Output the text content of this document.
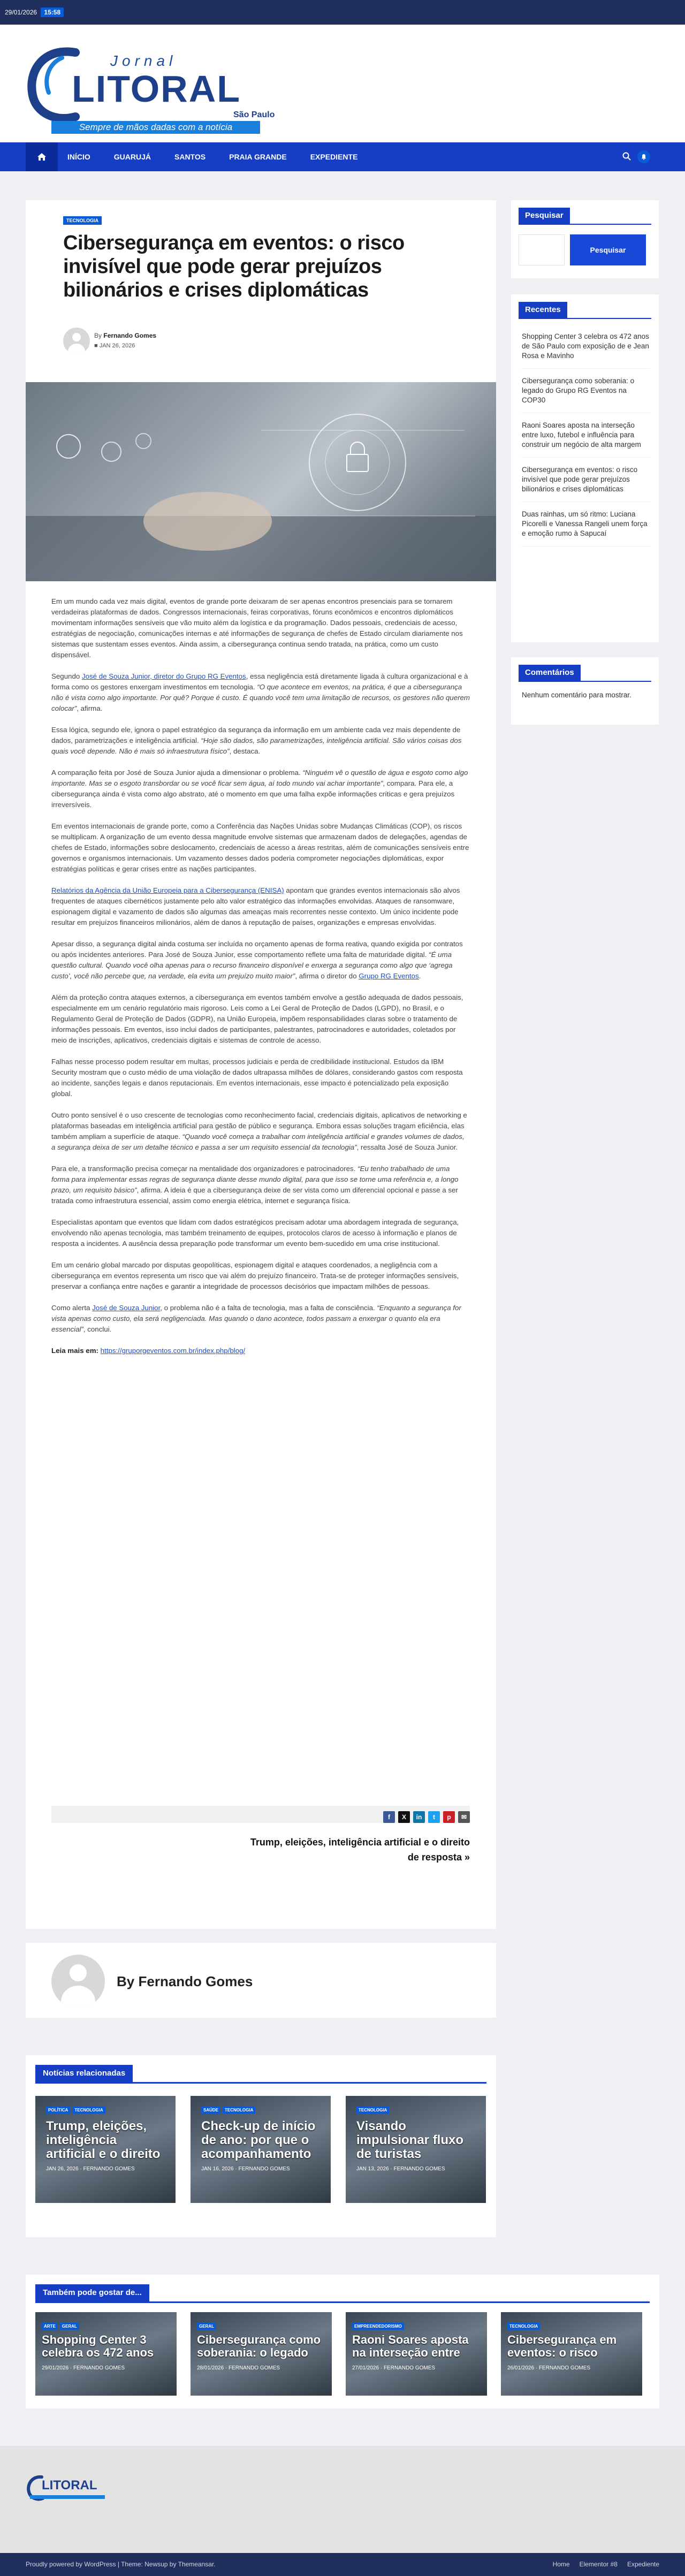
29/01/2026 15:58
Jornal
LITORAL
São Paulo
Sempre de mãos dadas com a notícia
INÍCIO	GUARUJÁ	SANTOS	PRAIA GRANDE	EXPEDIENTE
TECNOLOGIA
Cibersegurança em eventos: o risco invisível que pode gerar prejuízos bilionários e crises diplomáticas
By Fernando Gomes
■ JAN 26, 2026

Em um mundo cada vez mais digital, eventos de grande porte deixaram de ser apenas encontros presenciais para se tornarem verdadeiras plataformas de dados. Congressos internacionais, feiras corporativas, fóruns econômicos e encontros diplomáticos movimentam informações sensíveis que vão muito além da logística e da programação. Dados pessoais, credenciais de acesso, estratégias de negociação, comunicações internas e até informações de segurança de chefes de Estado circulam diariamente nos sistemas que sustentam esses eventos. Ainda assim, a cibersegurança continua sendo tratada, na prática, como um custo dispensável.

Segundo José de Souza Junior, diretor do Grupo RG Eventos, essa negligência está diretamente ligada à cultura organizacional e à forma como os gestores enxergam investimentos em tecnologia. “O que acontece em eventos, na prática, é que a cibersegurança não é vista como algo importante. Por quê? Porque é custo. É quando você tem uma limitação de recursos, os gestores não querem colocar”, afirma.

Essa lógica, segundo ele, ignora o papel estratégico da segurança da informação em um ambiente cada vez mais dependente de dados, parametrizações e inteligência artificial. “Hoje são dados, são parametrizações, inteligência artificial. São vários coisas dos quais você depende. Não é mais só infraestrutura físico”, destaca.

A comparação feita por José de Souza Junior ajuda a dimensionar o problema. “Ninguém vê o questão de água e esgoto como algo importante. Mas se o esgoto transbordar ou se você ficar sem água, aí todo mundo vai achar importante”, compara. Para ele, a cibersegurança ainda é vista como algo abstrato, até o momento em que uma falha expõe informações críticas e gera prejuízos irreversíveis.

Em eventos internacionais de grande porte, como a Conferência das Nações Unidas sobre Mudanças Climáticas (COP), os riscos se multiplicam. A organização de um evento dessa magnitude envolve sistemas que armazenam dados de delegações, agendas de chefes de Estado, informações sobre deslocamento, credenciais de acesso a áreas restritas, além de comunicações sensíveis entre governos e organismos internacionais. Um vazamento desses dados poderia comprometer negociações diplomáticas, expor estratégias políticas e gerar crises entre as nações participantes.

Relatórios da Agência da União Europeia para a Cibersegurança (ENISA) apontam que grandes eventos internacionais são alvos frequentes de ataques cibernéticos justamente pelo alto valor estratégico das informações envolvidas. Ataques de ransomware, espionagem digital e vazamento de dados são algumas das ameaças mais recorrentes nesse contexto. Um único incidente pode resultar em prejuízos financeiros milionários, além de danos à reputação de países, organizações e empresas envolvidas.

Apesar disso, a segurança digital ainda costuma ser incluída no orçamento apenas de forma reativa, quando exigida por contratos ou após incidentes anteriores. Para José de Souza Junior, esse comportamento reflete uma falta de maturidade digital. “É uma questão cultural. Quando você olha apenas para o recurso financeiro disponível e enxerga a segurança como algo que ‘agrega custo’, você não percebe que, na verdade, ela evita um prejuízo muito maior”, afirma o diretor do Grupo RG Eventos.

Além da proteção contra ataques externos, a cibersegurança em eventos também envolve a gestão adequada de dados pessoais, especialmente em um cenário regulatório mais rigoroso. Leis como a Lei Geral de Proteção de Dados (LGPD), no Brasil, e o Regulamento Geral de Proteção de Dados (GDPR), na União Europeia, impõem responsabilidades claras sobre o tratamento de informações pessoais. Em eventos, isso inclui dados de participantes, palestrantes, patrocinadores e autoridades, coletados por meio de inscrições, aplicativos, credenciais digitais e sistemas de controle de acesso.

Falhas nesse processo podem resultar em multas, processos judiciais e perda de credibilidade institucional. Estudos da IBM Security mostram que o custo médio de uma violação de dados ultrapassa milhões de dólares, considerando gastos com resposta ao incidente, sanções legais e danos reputacionais. Em eventos internacionais, esse impacto é potencializado pela exposição global.

Outro ponto sensível é o uso crescente de tecnologias como reconhecimento facial, credenciais digitais, aplicativos de networking e plataformas baseadas em inteligência artificial para gestão de público e segurança. Embora essas soluções tragam eficiência, elas também ampliam a superfície de ataque. “Quando você começa a trabalhar com inteligência artificial e grandes volumes de dados, a segurança deixa de ser um detalhe técnico e passa a ser um requisito essencial da tecnologia”, ressalta José de Souza Junior.

Para ele, a transformação precisa começar na mentalidade dos organizadores e patrocinadores. “Eu tenho trabalhado de uma forma para implementar essas regras de segurança diante desse mundo digital, para que isso se torne uma referência e, a longo prazo, um requisito básico”, afirma. A ideia é que a cibersegurança deixe de ser vista como um diferencial opcional e passe a ser tratada como infraestrutura essencial, assim como energia elétrica, internet e segurança física.

Especialistas apontam que eventos que lidam com dados estratégicos precisam adotar uma abordagem integrada de segurança, envolvendo não apenas tecnologia, mas também treinamento de equipes, protocolos claros de acesso à informação e planos de resposta a incidentes. A ausência dessa preparação pode transformar um evento bem-sucedido em uma crise institucional.

Em um cenário global marcado por disputas geopolíticas, espionagem digital e ataques coordenados, a negligência com a cibersegurança em eventos representa um risco que vai além do prejuízo financeiro. Trata-se de proteger informações sensíveis, preservar a confiança entre nações e garantir a integridade de processos decisórios que impactam milhões de pessoas.

Como alerta José de Souza Junior, o problema não é a falta de tecnologia, mas a falta de consciência. “Enquanto a segurança for vista apenas como custo, ela será negligenciada. Mas quando o dano acontece, todos passam a enxergar o quanto ela era essencial”, conclui.

Leia mais em: https://gruporgeventos.com.br/index.php/blog/

f	X	in	t	p	✉
Trump, eleições, inteligência artificial e o direito de resposta »
By Fernando Gomes
Notícias relacionadas
POLÍTICA	TECNOLOGIA
Trump, eleições, inteligência artificial e o direito
JAN 26, 2026 · FERNANDO GOMES
SAÚDE	TECNOLOGIA
Check-up de início de ano: por que o acompanhamento
JAN 16, 2026 · FERNANDO GOMES
TECNOLOGIA
Visando impulsionar fluxo de turistas
JAN 13, 2026 · FERNANDO GOMES
Também pode gostar de...
ARTE	GERAL
Shopping Center 3 celebra os 472 anos
29/01/2026 · FERNANDO GOMES
GERAL
Cibersegurança como soberania: o legado
28/01/2026 · FERNANDO GOMES
EMPREENDEDORISMO
Raoni Soares aposta na interseção entre
27/01/2026 · FERNANDO GOMES
TECNOLOGIA
Cibersegurança em eventos: o risco
26/01/2026 · FERNANDO GOMES
Pesquisar
Pesquisar
Recentes
Shopping Center 3 celebra os 472 anos de São Paulo com exposição de e Jean Rosa e Mavinho
Cibersegurança como soberania: o legado do Grupo RG Eventos na COP30
Raoni Soares aposta na interseção entre luxo, futebol e influência para construir um negócio de alta margem
Cibersegurança em eventos: o risco invisível que pode gerar prejuízos bilionários e crises diplomáticas
Duas rainhas, um só ritmo: Luciana Picorelli e Vanessa Rangeli unem força e emoção rumo à Sapucaí
Comentários
Nenhum comentário para mostrar.
LITORAL
Proudly powered by WordPress | Theme: Newsup by Themeansar.	Home Elementor #8 Expediente
